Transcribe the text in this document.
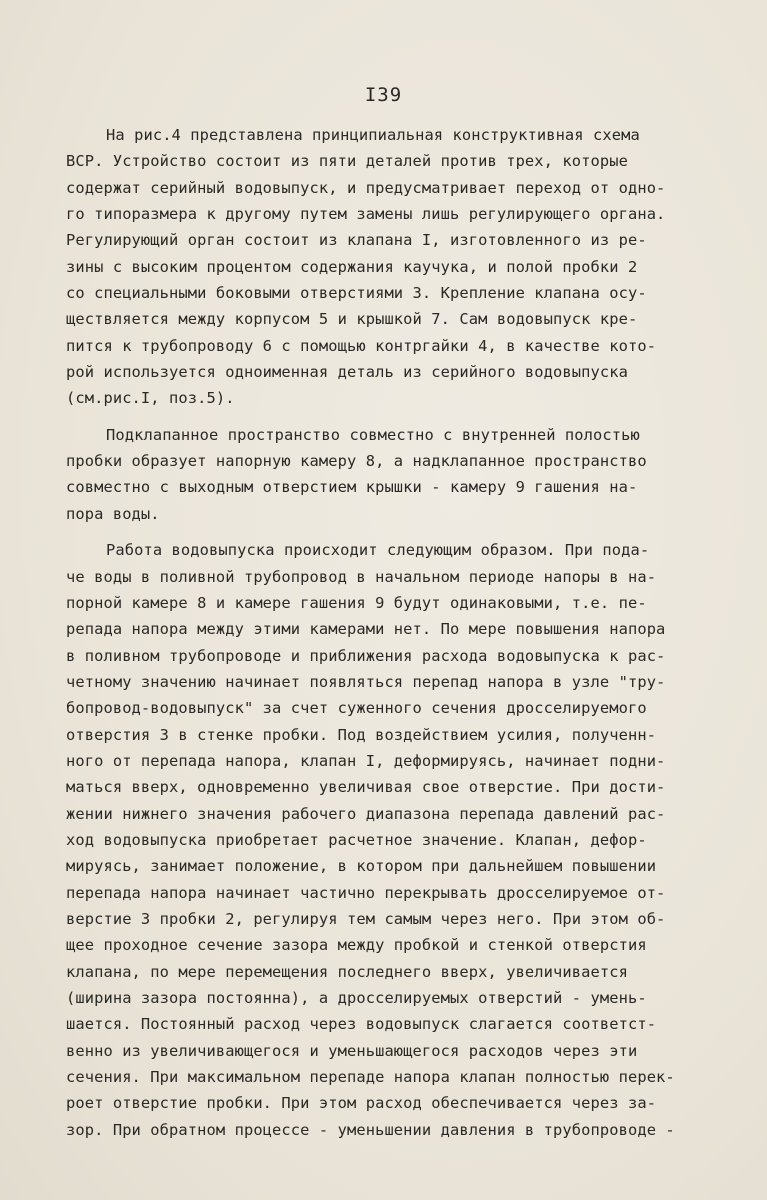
I39
На рис.4 представлена принципиальная конструктивная схема
ВСР. Устройство состоит из пяти деталей против трех, которые
содержат серийный водовыпуск, и предусматривает переход от одно-
го типоразмера к другому путем замены лишь регулирующего органа.
Регулирующий орган состоит из клапана I, изготовленного из ре-
зины с высоким процентом содержания каучука, и полой пробки 2
со специальными боковыми отверстиями 3. Крепление клапана осу-
ществляется между корпусом 5 и крышкой 7. Сам водовыпуск кре-
пится к трубопроводу 6 с помощью контргайки 4, в качестве кото-
рой используется одноименная деталь из серийного водовыпуска
(см.рис.I, поз.5).
Подклапанное пространство совместно с внутренней полостью
пробки образует напорную камеру 8, а надклапанное пространство
совместно с выходным отверстием крышки - камеру 9 гашения на-
пора воды.
Работа водовыпуска происходит следующим образом. При пода-
че воды в поливной трубопровод в начальном периоде напоры в на-
порной камере 8 и камере гашения 9 будут одинаковыми, т.е. пе-
репада напора между этими камерами нет. По мере повышения напора
в поливном трубопроводе и приближения расхода водовыпуска к рас-
четному значению начинает появляться перепад напора в узле "тру-
бопровод-водовыпуск" за счет суженного сечения дросселируемого
отверстия 3 в стенке пробки. Под воздействием усилия, полученн-
ного от перепада напора, клапан I, деформируясь, начинает подни-
маться вверх, одновременно увеличивая свое отверстие. При дости-
жении нижнего значения рабочего диапазона перепада давлений рас-
ход водовыпуска приобретает расчетное значение. Клапан, дефор-
мируясь, занимает положение, в котором при дальнейшем повышении
перепада напора начинает частично перекрывать дросселируемое от-
верстие 3 пробки 2, регулируя тем самым через него. При этом об-
щее проходное сечение зазора между пробкой и стенкой отверстия
клапана, по мере перемещения последнего вверх, увеличивается
(ширина зазора постоянна), а дросселируемых отверстий - умень-
шается. Постоянный расход через водовыпуск слагается соответст-
венно из увеличивающегося и уменьшающегося расходов через эти
сечения. При максимальном перепаде напора клапан полностью перек-
роет отверстие пробки. При этом расход обеспечивается через за-
зор. При обратном процессе - уменьшении давления в трубопроводе -
